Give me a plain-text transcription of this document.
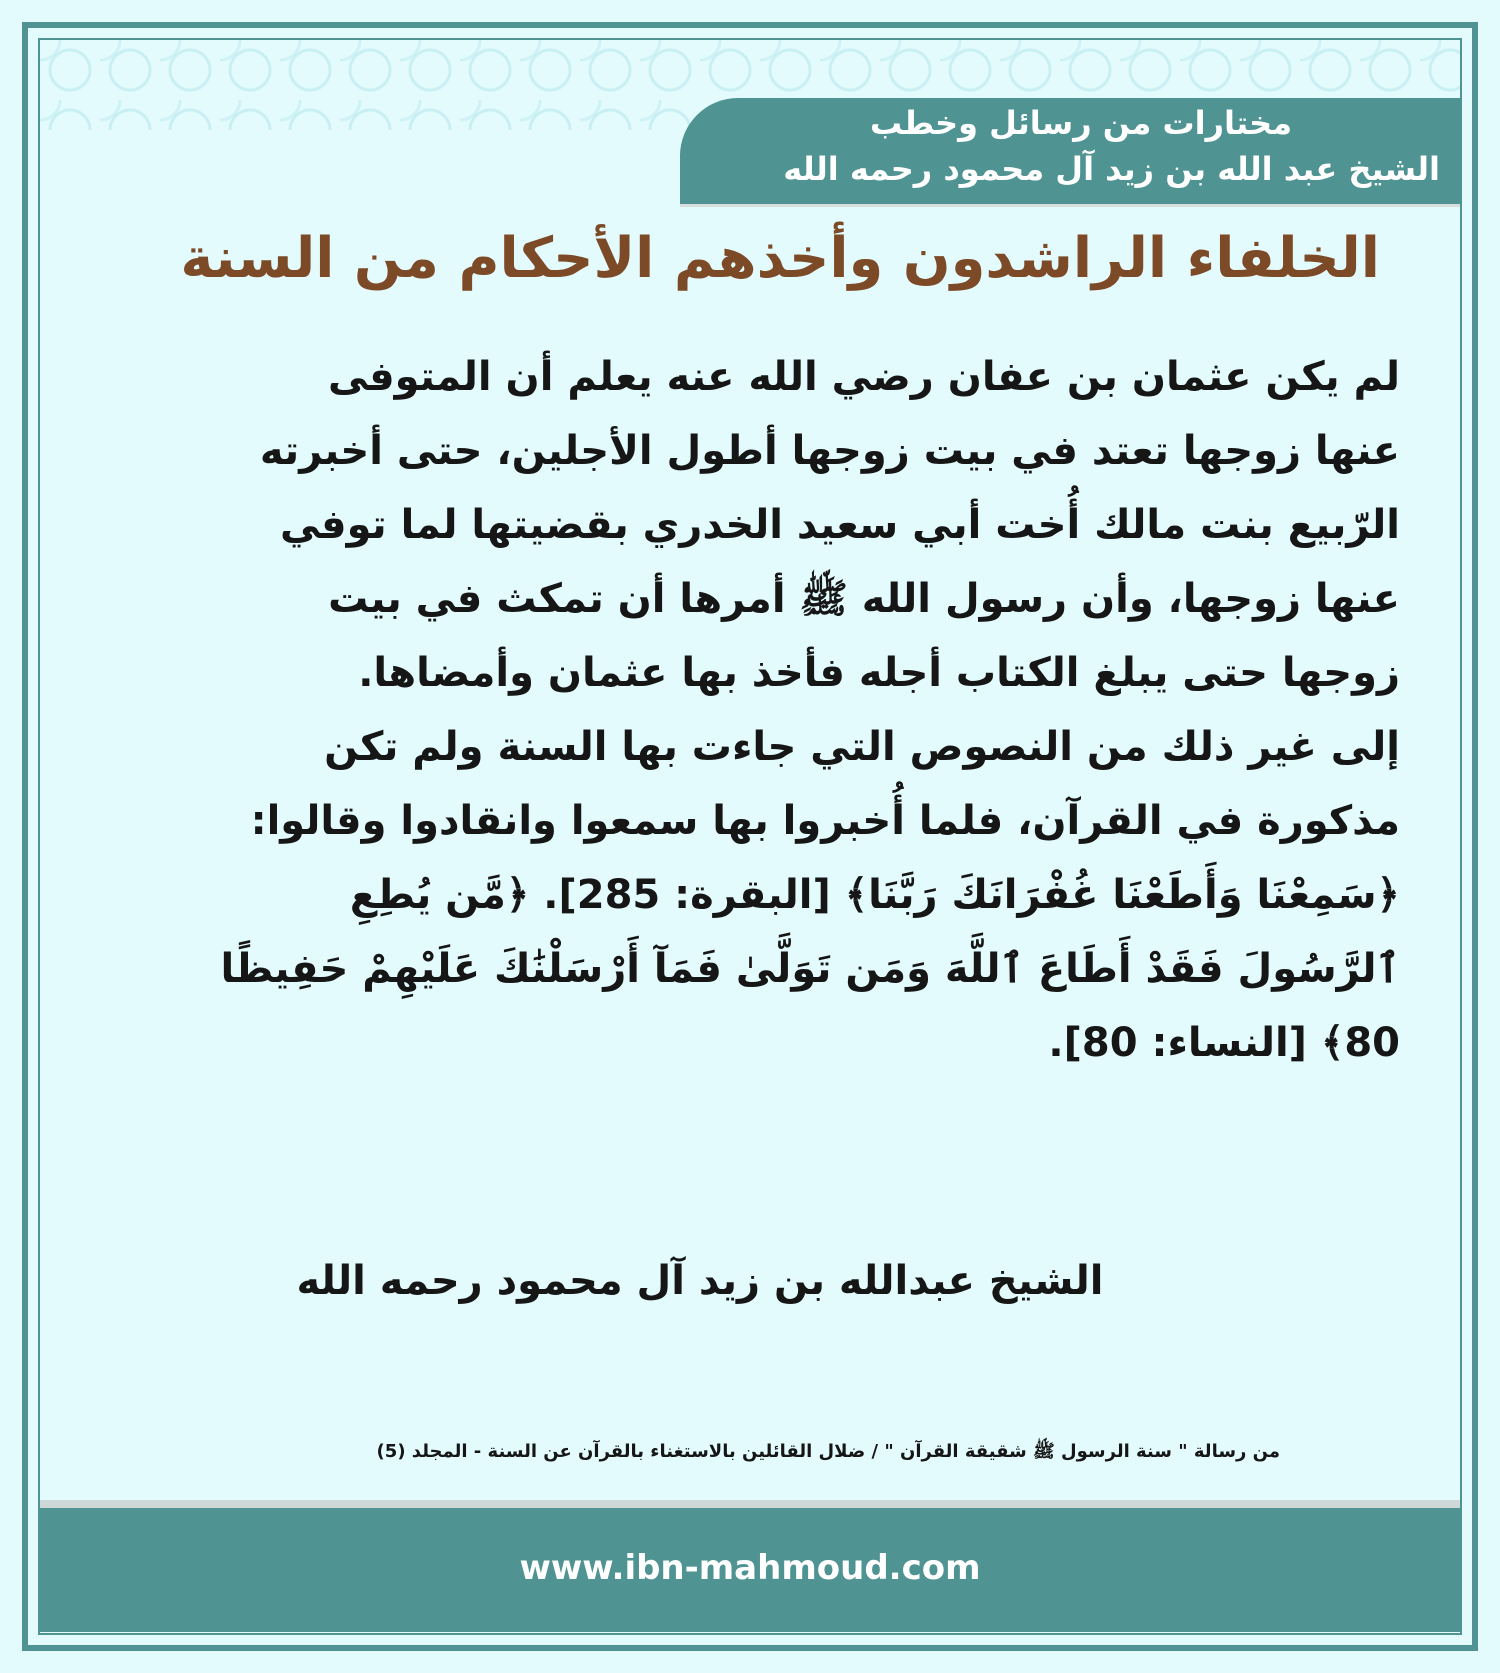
مختارات من رسائل وخطب
الشيخ عبد الله بن زيد آل محمود رحمه الله
الخلفاء الراشدون وأخذهم الأحكام من السنة
لم يكن عثمان بن عفان رضي الله عنه يعلم أن المتوفى
عنها زوجها تعتد في بيت زوجها أطول الأجلين، حتى أخبرته
الرّبيع بنت مالك أُخت أبي سعيد الخدري بقضيتها لما توفي
عنها زوجها، وأن رسول الله ﷺ أمرها أن تمكث في بيت
زوجها حتى يبلغ الكتاب أجله فأخذ بها عثمان وأمضاها.
إلى غير ذلك من النصوص التي جاءت بها السنة ولم تكن
مذكورة في القرآن، فلما أُخبروا بها سمعوا وانقادوا وقالوا:
﴿سَمِعْنَا وَأَطَعْنَا غُفْرَانَكَ رَبَّنَا﴾ [البقرة: 285]. ﴿مَّن يُطِعِ
ٱلرَّسُولَ فَقَدْ أَطَاعَ ٱللَّهَ وَمَن تَوَلَّىٰ فَمَآ أَرْسَلْنَٰكَ عَلَيْهِمْ حَفِيظًا
80﴾ [النساء: 80].
الشيخ عبدالله بن زيد آل محمود رحمه الله
من رسالة " سنة الرسول ﷺ شقيقة القرآن " / ضلال القائلين بالاستغناء بالقرآن عن السنة - المجلد (5)
www.ibn-mahmoud.com
